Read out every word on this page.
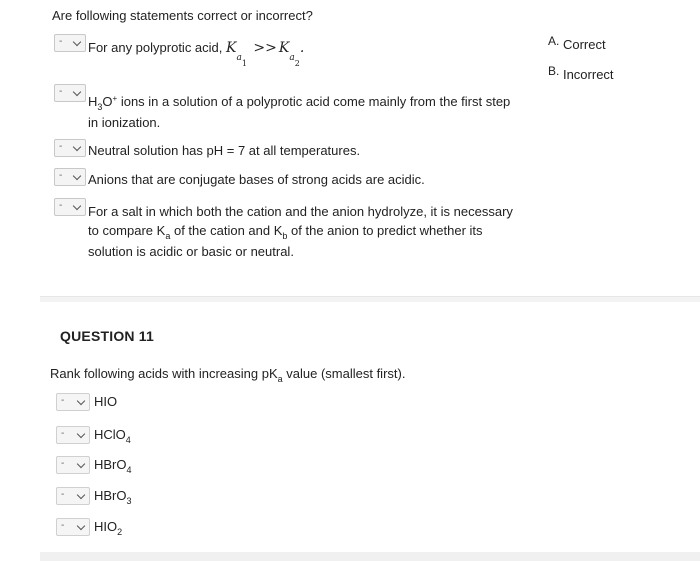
Are following statements correct or incorrect?
- For any polyprotic acid, $K_{a1} >> K_{a2}$.
-
$H_3O^+$ ions in a solution of a polyprotic acid come mainly from the first step
in ionization.
- Neutral solution has pH = 7 at all temperatures.
- Anions that are conjugate bases of strong acids are acidic.
- For a salt in which both the cation and the anion hydrolyze, it is necessary
to compare $K_a$ of the cation and $K_b$ of the anion to predict whether its
solution is acidic or basic or neutral.
A. Correct
B. Incorrect
QUESTION 11
Rank following acids with increasing $pK_a$ value (smallest first).
- HIO
- HClO$_4$
- HBrO$_4$
- HBrO$_3$
- $HIO_2$
